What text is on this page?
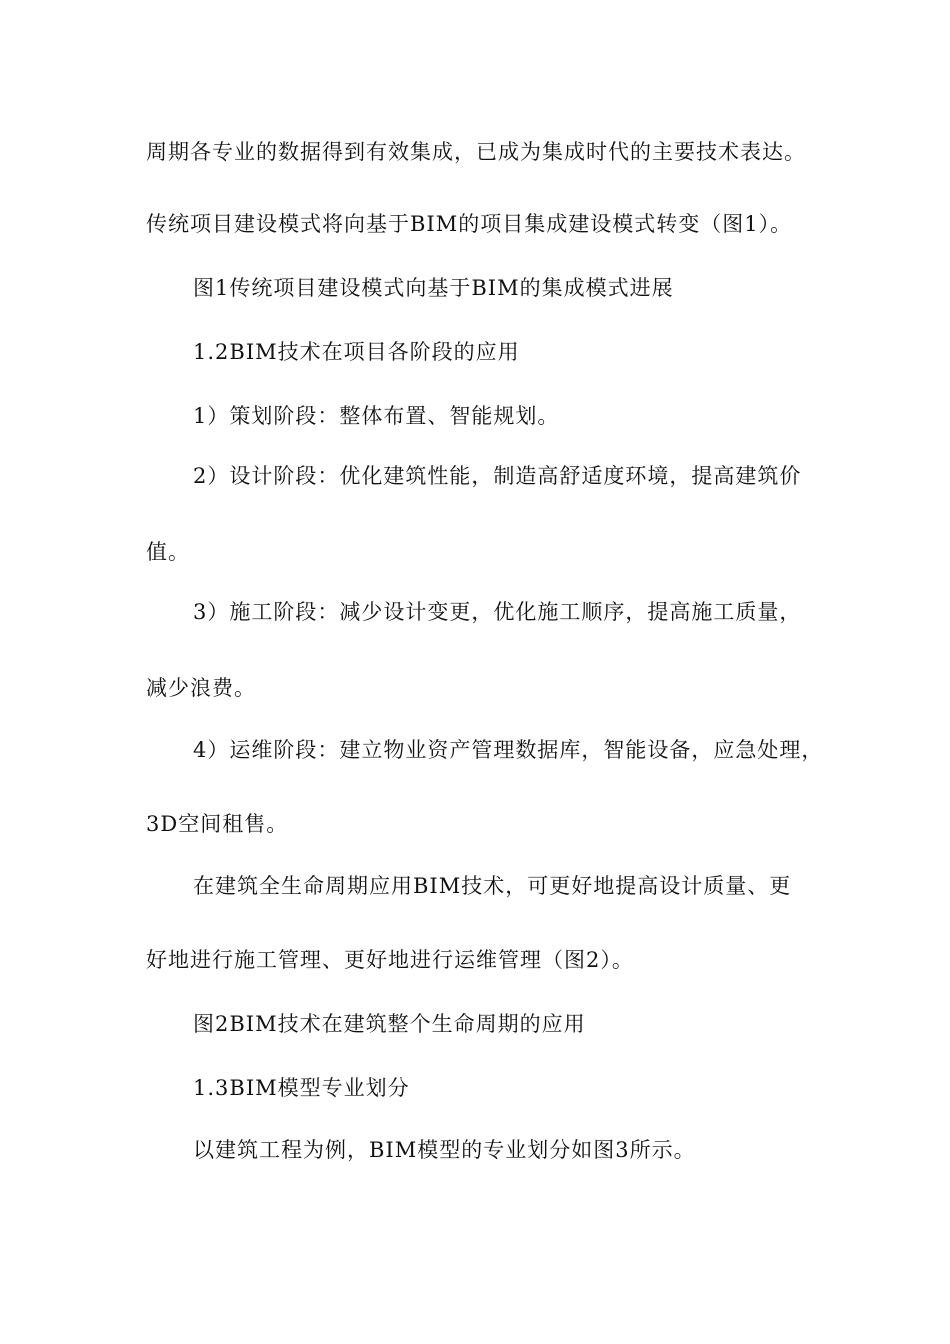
周期各专业的数据得到有效集成，已成为集成时代的主要技术表达。
传统项目建设模式将向基于BIM的项目集成建设模式转变（图1）。
图1传统项目建设模式向基于BIM的集成模式进展
1.2BIM技术在项目各阶段的应用
1）策划阶段：整体布置、智能规划。
2）设计阶段：优化建筑性能，制造高舒适度环境，提高建筑价
值。
3）施工阶段：减少设计变更，优化施工顺序，提高施工质量，
减少浪费。
4）运维阶段：建立物业资产管理数据库，智能设备，应急处理，
3D空间租售。
在建筑全生命周期应用BIM技术，可更好地提高设计质量、更
好地进行施工管理、更好地进行运维管理（图2）。
图2BIM技术在建筑整个生命周期的应用
1.3BIM模型专业划分
以建筑工程为例，BIM模型的专业划分如图3所示。
